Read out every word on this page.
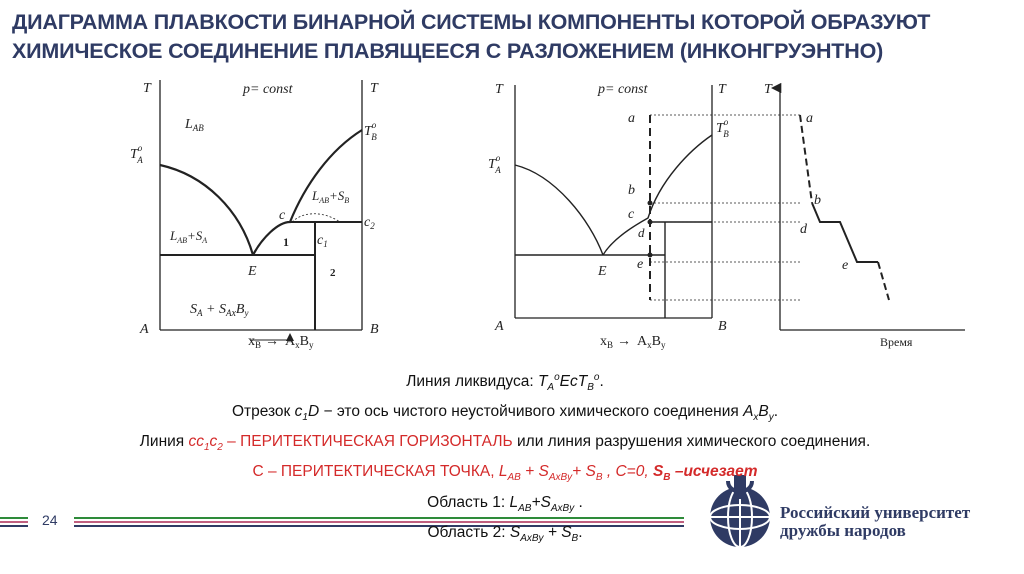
ДИАГРАММА ПЛАВКОСТИ БИНАРНОЙ СИСТЕМЫ КОМПОНЕНТЫ КОТОРОЙ ОБРАЗУЮТ
ХИМИЧЕСКОЕ СОЕДИНЕНИЕ ПЛАВЯЩЕЕСЯ С РАЗЛОЖЕНИЕМ (ИНКОНГРУЭНТНО)
T	T
p= const
$L_{AB}$
$T^o$ A
$T^o$ B
$L_{AB}+S_B$
$L_{AB}+S_A$
c	$c_2$
$c_1$
1
2
E
$S_A + S_AxB_y$
A	B
$x_B \to A_xB_y$
T	T
p= const
$T^o$ A
$T^o$ B
a
b
c
d
e
E
A	B
$x_B \to A_xB_y$
T
a
b
d
e
Время
Линия ликвидуса: $T_A^oEcT_B^o$.
Отрезок $c_1D$ − это ось чистого неустойчивого химического соединения $A_xB_y$.
Линия $cc_1c_2$ – ПЕРИТЕКТИЧЕСКАЯ ГОРИЗОНТАЛЬ или линия разрушения химического соединения.
С – ПЕРИТЕКТИЧЕСКАЯ ТОЧКА, $L_{AB} + S_{AxBy}+ S_B$ , С=0, $S_B$ –исчезает
Область 1: $L_{AB}+S_{AxBy}$ .
Область 2: $S_{AxBy} + S_B$.
24	Российский университет
дружбы народов
